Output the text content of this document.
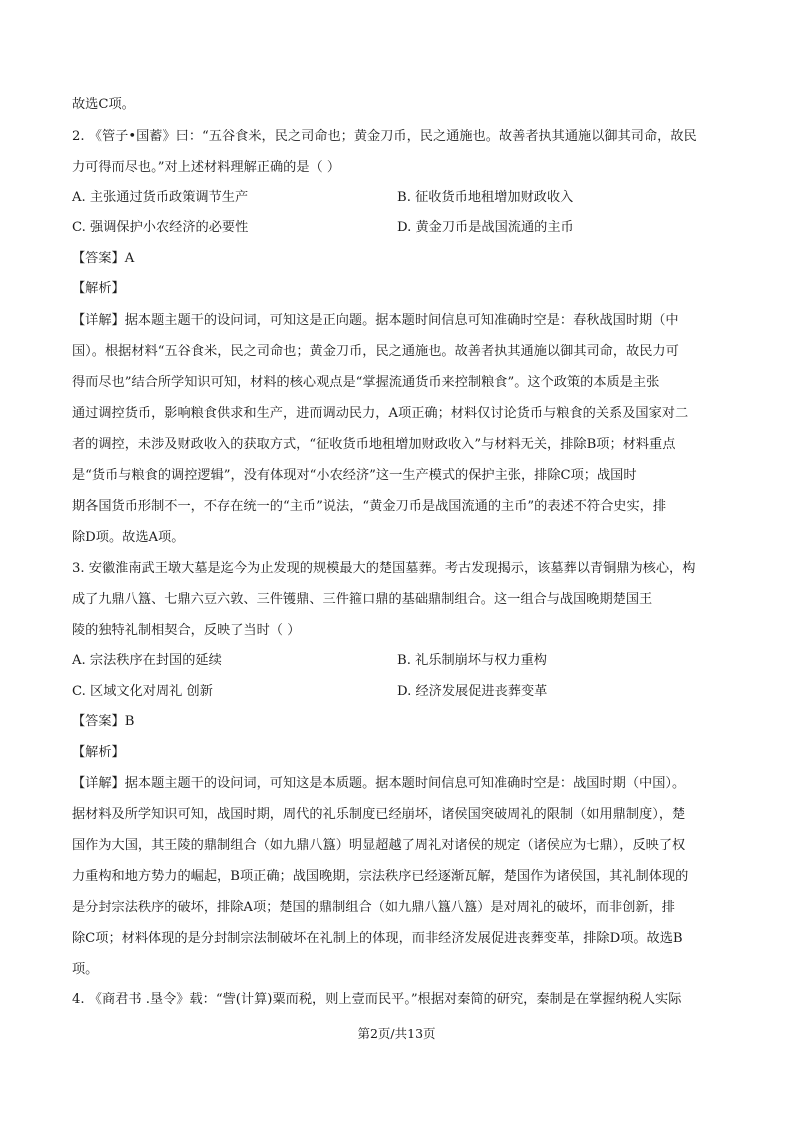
故选C项。

2. 《管子•国蓄》曰：“五谷食米，民之司命也；黄金刀币，民之通施也。故善者执其通施以御其司命，故民

力可得而尽也。”对上述材料理解正确的是（ ）

A. 主张通过货币政策调节生产	B. 征收货币地租增加财政收入
C. 强调保护小农经济的必要性	D. 黄金刀币是战国流通的主币

【答案】A

【解析】

【详解】据本题主题干的设问词，可知这是正向题。据本题时间信息可知准确时空是：春秋战国时期（中

国）。根据材料“五谷食米，民之司命也；黄金刀币，民之通施也。故善者执其通施以御其司命，故民力可

得而尽也”结合所学知识可知，材料的核心观点是“掌握流通货币来控制粮食”。这个政策的本质是主张

通过调控货币，影响粮食供求和生产，进而调动民力，A项正确；材料仅讨论货币与粮食的关系及国家对二

者的调控，未涉及财政收入的获取方式，“征收货币地租增加财政收入”与材料无关，排除B项；材料重点

是“货币与粮食的调控逻辑”，没有体现对“小农经济”这一生产模式的保护主张，排除C项；战国时

期各国货币形制不一，不存在统一的“主币”说法，“黄金刀币是战国流通的主币”的表述不符合史实，排

除D项。故选A项。

3. 安徽淮南武王墩大墓是迄今为止发现的规模最大的楚国墓葬。考古发现揭示，该墓葬以青铜鼎为核心，构

成了九鼎八簋、七鼎六豆六敦、三件镬鼎、三件箍口鼎的基础鼎制组合。这一组合与战国晚期楚国王

陵的独特礼制相契合，反映了当时（ ）

A. 宗法秩序在封国的延续	B. 礼乐制崩坏与权力重构
C. 区域文化对周礼 创新	D. 经济发展促进丧葬变革

【答案】B

【解析】

【详解】据本题主题干的设问词，可知这是本质题。据本题时间信息可知准确时空是：战国时期（中国）。

据材料及所学知识可知，战国时期，周代的礼乐制度已经崩坏，诸侯国突破周礼的限制（如用鼎制度），楚

国作为大国，其王陵的鼎制组合（如九鼎八簋）明显超越了周礼对诸侯的规定（诸侯应为七鼎），反映了权

力重构和地方势力的崛起，B项正确；战国晚期，宗法秩序已经逐渐瓦解，楚国作为诸侯国，其礼制体现的

是分封宗法秩序的破坏，排除A项；楚国的鼎制组合（如九鼎八簋八簋）是对周礼的破坏，而非创新，排

除C项；材料体现的是分封制宗法制破坏在礼制上的体现，而非经济发展促进丧葬变革，排除D项。故选B

项。

4. 《商君书 .垦令》载：“訾(计算)粟而税，则上壹而民平。”根据对秦简的研究，秦制是在掌握纳税人实际

第2页/共13页
